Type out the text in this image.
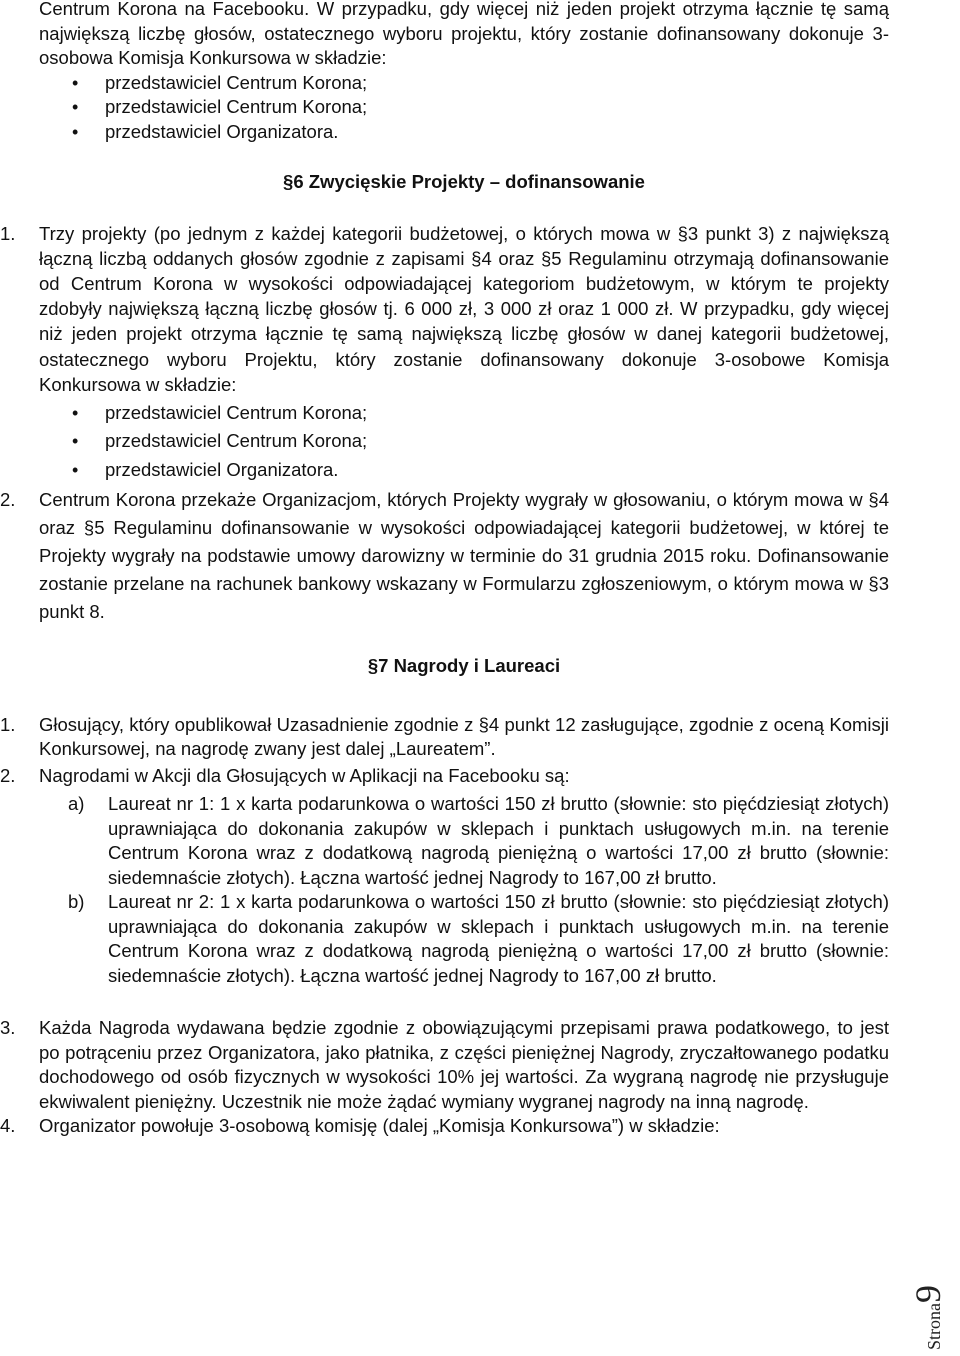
Centrum Korona na Facebooku. W przypadku, gdy więcej niż jeden projekt otrzyma łącznie tę samą największą liczbę głosów, ostatecznego wyboru projektu, który zostanie dofinansowany dokonuje 3-osobowa Komisja Konkursowa w składzie:

• przedstawiciel Centrum Korona;

• przedstawiciel Centrum Korona;

• przedstawiciel Organizatora.

§6 Zwycięskie Projekty – dofinansowanie

1.	Trzy projekty (po jednym z każdej kategorii budżetowej, o których mowa w §3 punkt 3) z największą łączną liczbą oddanych głosów zgodnie z zapisami §4 oraz §5 Regulaminu otrzymają dofinansowanie od Centrum Korona w wysokości odpowiadającej kategoriom budżetowym, w którym te projekty zdobyły największą łączną liczbę głosów tj. 6 000 zł, 3 000 zł oraz 1 000 zł. W przypadku, gdy więcej niż jeden projekt otrzyma łącznie tę samą największą liczbę głosów w danej kategorii budżetowej, ostatecznego wyboru Projektu, który zostanie dofinansowany dokonuje 3-osobowe Komisja Konkursowa w składzie:

• przedstawiciel Centrum Korona;

• przedstawiciel Centrum Korona;

• przedstawiciel Organizatora.

2.	Centrum Korona przekaże Organizacjom, których Projekty wygrały w głosowaniu, o którym mowa w §4 oraz §5 Regulaminu dofinansowanie w wysokości odpowiadającej kategorii budżetowej, w której te Projekty wygrały na podstawie umowy darowizny w terminie do 31 grudnia 2015 roku. Dofinansowanie zostanie przelane na rachunek bankowy wskazany w Formularzu zgłoszeniowym, o którym mowa w §3 punkt 8.

§7 Nagrody i Laureaci

1.	Głosujący, który opublikował Uzasadnienie zgodnie z §4 punkt 12 zasługujące, zgodnie z oceną Komisji Konkursowej, na nagrodę zwany jest dalej „Laureatem”.

2.	Nagrodami w Akcji dla Głosujących w Aplikacji na Facebooku są:

a) Laureat nr 1: 1 x karta podarunkowa o wartości 150 zł brutto (słownie: sto pięćdziesiąt złotych) uprawniająca do dokonania zakupów w sklepach i punktach usługowych m.in. na terenie Centrum Korona wraz z dodatkową nagrodą pieniężną o wartości 17,00 zł brutto (słownie: siedemnaście złotych). Łączna wartość jednej Nagrody to 167,00 zł brutto.

b) Laureat nr 2: 1 x karta podarunkowa o wartości 150 zł brutto (słownie: sto pięćdziesiąt złotych) uprawniająca do dokonania zakupów w sklepach i punktach usługowych m.in. na terenie Centrum Korona wraz z dodatkową nagrodą pieniężną o wartości 17,00 zł brutto (słownie: siedemnaście złotych). Łączna wartość jednej Nagrody to 167,00 zł brutto.

3.	Każda Nagroda wydawana będzie zgodnie z obowiązującymi przepisami prawa podatkowego, to jest po potrąceniu przez Organizatora, jako płatnika, z części pieniężnej Nagrody, zryczałtowanego podatku dochodowego od osób fizycznych w wysokości 10% jej wartości. Za wygraną nagrodę nie przysługuje ekwiwalent pieniężny. Uczestnik nie może żądać wymiany wygranej nagrody na inną nagrodę.

4.	Organizator powołuje 3-osobową komisję (dalej „Komisja Konkursowa”) w składzie:

Strona9
